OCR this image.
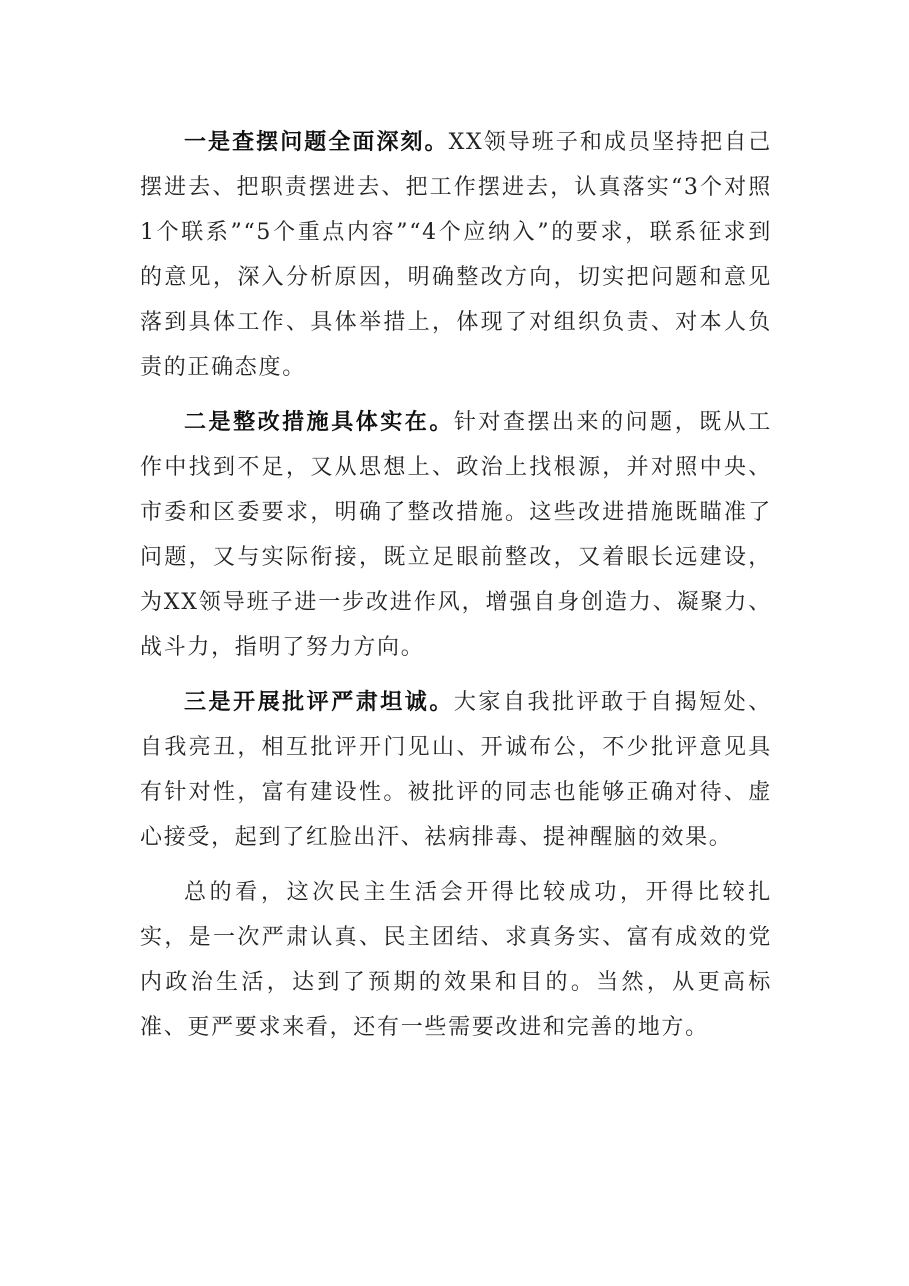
一是查摆问题全面深刻。XX领导班子和成员坚持把自己摆进去、把职责摆进去、把工作摆进去，认真落实“3个对照1个联系”“5个重点内容”“4个应纳入”的要求，联系征求到的意见，深入分析原因，明确整改方向，切实把问题和意见落到具体工作、具体举措上，体现了对组织负责、对本人负责的正确态度。

二是整改措施具体实在。针对查摆出来的问题，既从工作中找到不足，又从思想上、政治上找根源，并对照中央、市委和区委要求，明确了整改措施。这些改进措施既瞄准了问题，又与实际衔接，既立足眼前整改，又着眼长远建设，为XX领导班子进一步改进作风，增强自身创造力、凝聚力、战斗力，指明了努力方向。

三是开展批评严肃坦诚。大家自我批评敢于自揭短处、自我亮丑，相互批评开门见山、开诚布公，不少批评意见具有针对性，富有建设性。被批评的同志也能够正确对待、虚心接受，起到了红脸出汗、祛病排毒、提神醒脑的效果。

总的看，这次民主生活会开得比较成功，开得比较扎实，是一次严肃认真、民主团结、求真务实、富有成效的党内政治生活，达到了预期的效果和目的。当然，从更高标准、更严要求来看，还有一些需要改进和完善的地方。
